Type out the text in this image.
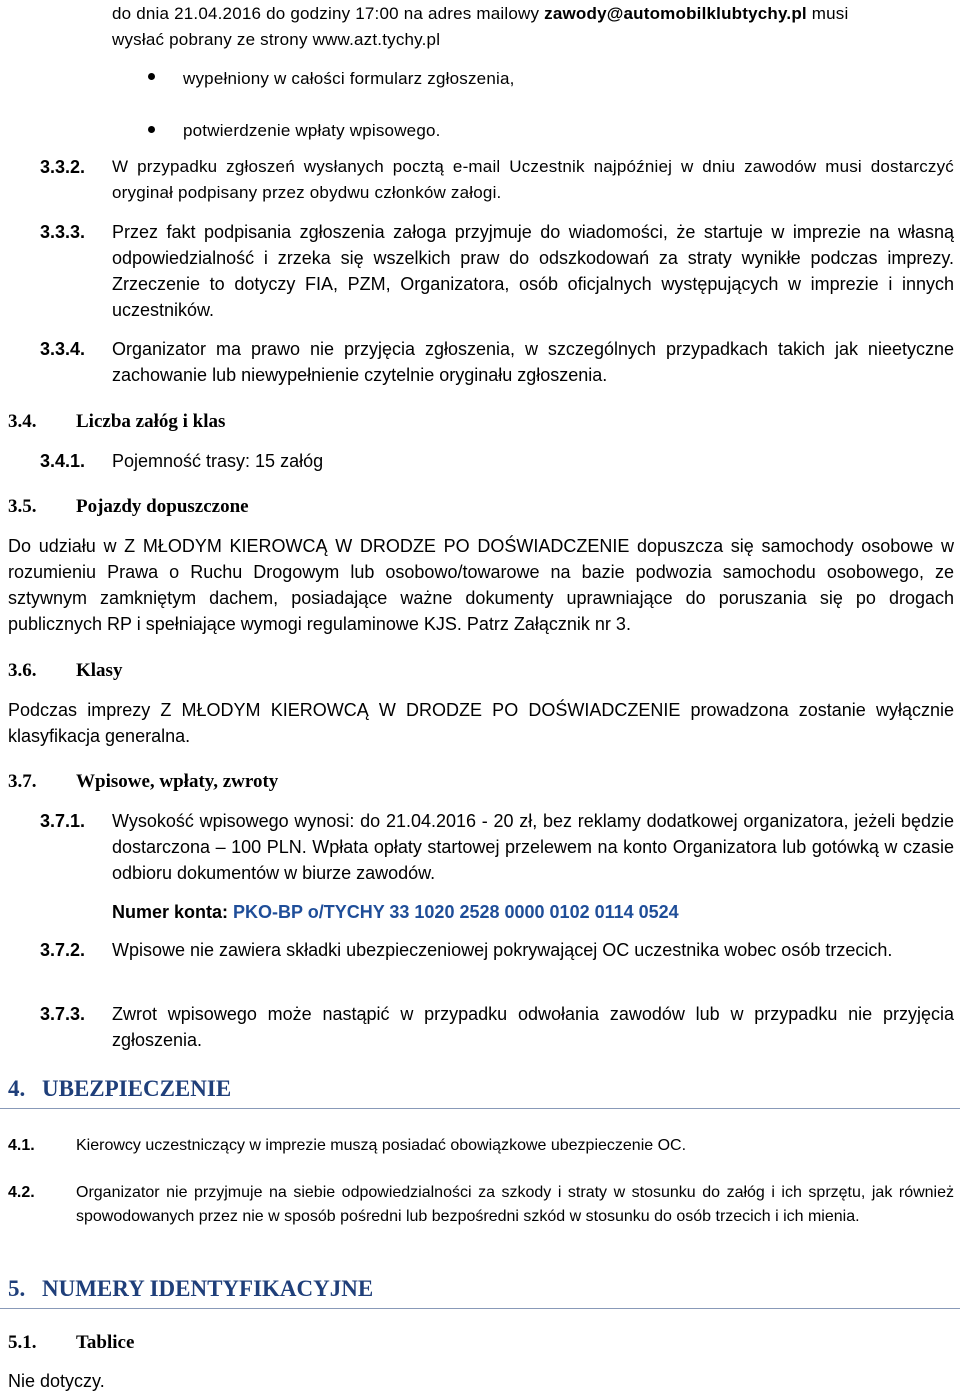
do dnia 21.04.2016 do godziny 17:00 na adres mailowy zawody@automobilklubtychy.pl musi
wysłać pobrany ze strony www.azt.tychy.pl
wypełniony w całości formularz zgłoszenia,
potwierdzenie wpłaty wpisowego.
3.3.2. W przypadku zgłoszeń wysłanych pocztą e-mail Uczestnik najpóźniej w dniu zawodów musi dostarczyć oryginał podpisany przez obydwu członków załogi.
3.3.3. Przez fakt podpisania zgłoszenia załoga przyjmuje do wiadomości, że startuje w imprezie na własną odpowiedzialność i zrzeka się wszelkich praw do odszkodowań za straty wynikłe podczas imprezy. Zrzeczenie to dotyczy FIA, PZM, Organizatora, osób oficjalnych występujących w imprezie i innych uczestników.
3.3.4. Organizator ma prawo nie przyjęcia zgłoszenia, w szczególnych przypadkach takich jak nieetyczne zachowanie lub niewypełnienie czytelnie oryginału zgłoszenia.
3.4. Liczba załóg i klas
3.4.1. Pojemność trasy: 15 załóg
3.5. Pojazdy dopuszczone
Do udziału w Z MŁODYM KIEROWCĄ W DRODZE PO DOŚWIADCZENIE dopuszcza się samochody osobowe w rozumieniu Prawa o Ruchu Drogowym lub osobowo/towarowe na bazie podwozia samochodu osobowego, ze sztywnym zamkniętym dachem, posiadające ważne dokumenty uprawniające do poruszania się po drogach publicznych RP i spełniające wymogi regulaminowe KJS. Patrz Załącznik nr 3.
3.6. Klasy
Podczas imprezy Z MŁODYM KIEROWCĄ W DRODZE PO DOŚWIADCZENIE prowadzona zostanie wyłącznie klasyfikacja generalna.
3.7. Wpisowe, wpłaty, zwroty
3.7.1. Wysokość wpisowego wynosi: do 21.04.2016 - 20 zł, bez reklamy dodatkowej organizatora, jeżeli będzie dostarczona – 100 PLN. Wpłata opłaty startowej przelewem na konto Organizatora lub gotówką w czasie odbioru dokumentów w biurze zawodów.
Numer konta: PKO-BP o/TYCHY 33 1020 2528 0000 0102 0114 0524
3.7.2. Wpisowe nie zawiera składki ubezpieczeniowej pokrywającej OC uczestnika wobec osób trzecich.
3.7.3. Zwrot wpisowego może nastąpić w przypadku odwołania zawodów lub w przypadku nie przyjęcia zgłoszenia.
4. UBEZPIECZENIE
4.1.	Kierowcy uczestniczący w imprezie muszą posiadać obowiązkowe ubezpieczenie OC.
4.2.	Organizator nie przyjmuje na siebie odpowiedzialności za szkody i straty w stosunku do załóg i ich sprzętu, jak również spowodowanych przez nie w sposób pośredni lub bezpośredni szkód w stosunku do osób trzecich i ich mienia.
5. NUMERY IDENTYFIKACYJNE
5.1. Tablice
Nie dotyczy.
